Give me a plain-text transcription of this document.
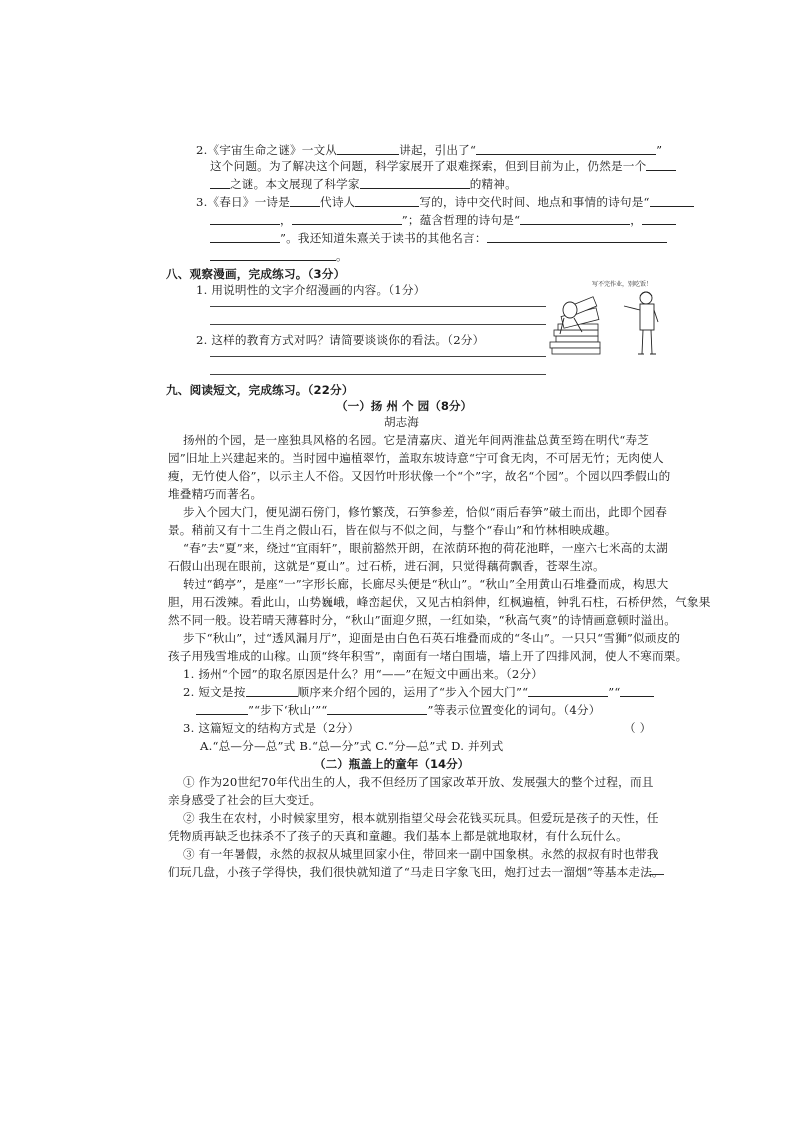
2.《宇宙生命之谜》一文从	讲起，引出了“	”
这个问题。为了解决这个问题，科学家展开了艰难探索，但到目前为止，仍然是一个
之谜。本文展现了科学家	的精神。
3.《春日》一诗是	代诗人	写的，诗中交代时间、地点和事情的诗句是“
，	”；蕴含哲理的诗句是“	，
”。我还知道朱熹关于读书的其他名言：
。
八、观察漫画，完成练习。（3分）
1. 用说明性的文字介绍漫画的内容。（1分）
2. 这样的教育方式对吗？请简要谈谈你的看法。（2分）
写不完作业，别吃饭！
九、阅读短文，完成练习。（22分）
（一）扬 州 个 园（8分）
胡志海
扬州的个园，是一座独具风格的名园。它是清嘉庆、道光年间两淮盐总黄至筠在明代“寿芝
园”旧址上兴建起来的。当时园中遍植翠竹，盖取东坡诗意“宁可食无肉，不可居无竹；无肉使人
瘦，无竹使人俗”，以示主人不俗。又因竹叶形状像一个“个”字，故名“个园”。个园以四季假山的
堆叠精巧而著名。
步入个园大门，便见湖石傍门，修竹繁茂，石笋参差，恰似“雨后春笋”破土而出，此即个园春
景。稍前又有十二生肖之假山石，皆在似与不似之间，与整个“春山”和竹林相映成趣。
“春”去“夏”来，绕过“宜雨轩”，眼前豁然开朗，在浓荫环抱的荷花池畔，一座六七米高的太湖
石假山出现在眼前，这就是“夏山”。过石桥，进石洞，只觉得藕荷飘香，苍翠生凉。
转过“鹤亭”，是座“一”字形长廊，长廊尽头便是“秋山”。“秋山”全用黄山石堆叠而成，构思大
胆，用石泼辣。看此山，山势巍峨，峰峦起伏，又见古柏斜伸，红枫遍植，钟乳石柱，石桥伊然，气象果
然不同一般。设若晴天薄暮时分，“秋山”面迎夕照，一红如染，“秋高气爽”的诗情画意顿时溢出。
步下“秋山”，过“透风漏月厅”，迎面是由白色石英石堆叠而成的“冬山”。一只只“雪狮”似顽皮的
孩子用残雪堆成的山稼。山顶“终年积雪”，南面有一堵白围墙，墙上开了四排风洞，使人不寒而栗。
1. 扬州“个园”的取名原因是什么？用“——”在短文中画出来。（2分）
2. 短文是按	顺序来介绍个园的，运用了“步入个园大门”“	”“
”“步下‘秋山’”“	”等表示位置变化的词句。（4分）
3. 这篇短文的结构方式是（2分）	（ ）
A.“总—分—总”式 B.“总—分”式 C.“分—总”式 D. 并列式
（二）瓶盖上的童年（14分）
① 作为20世纪70年代出生的人，我不但经历了国家改革开放、发展强大的整个过程，而且
亲身感受了社会的巨大变迁。
② 我生在农村，小时候家里穷，根本就别指望父母会花钱买玩具。但爱玩是孩子的天性，任
凭物质再缺乏也抹杀不了孩子的天真和童趣。我们基本上都是就地取材，有什么玩什么。
③ 有一年暑假，永然的叔叔从城里回家小住，带回来一副中国象棋。永然的叔叔有时也带我
们玩几盘，小孩子学得快，我们很快就知道了“马走日字象飞田，炮打过去一溜烟”等基本走法。
